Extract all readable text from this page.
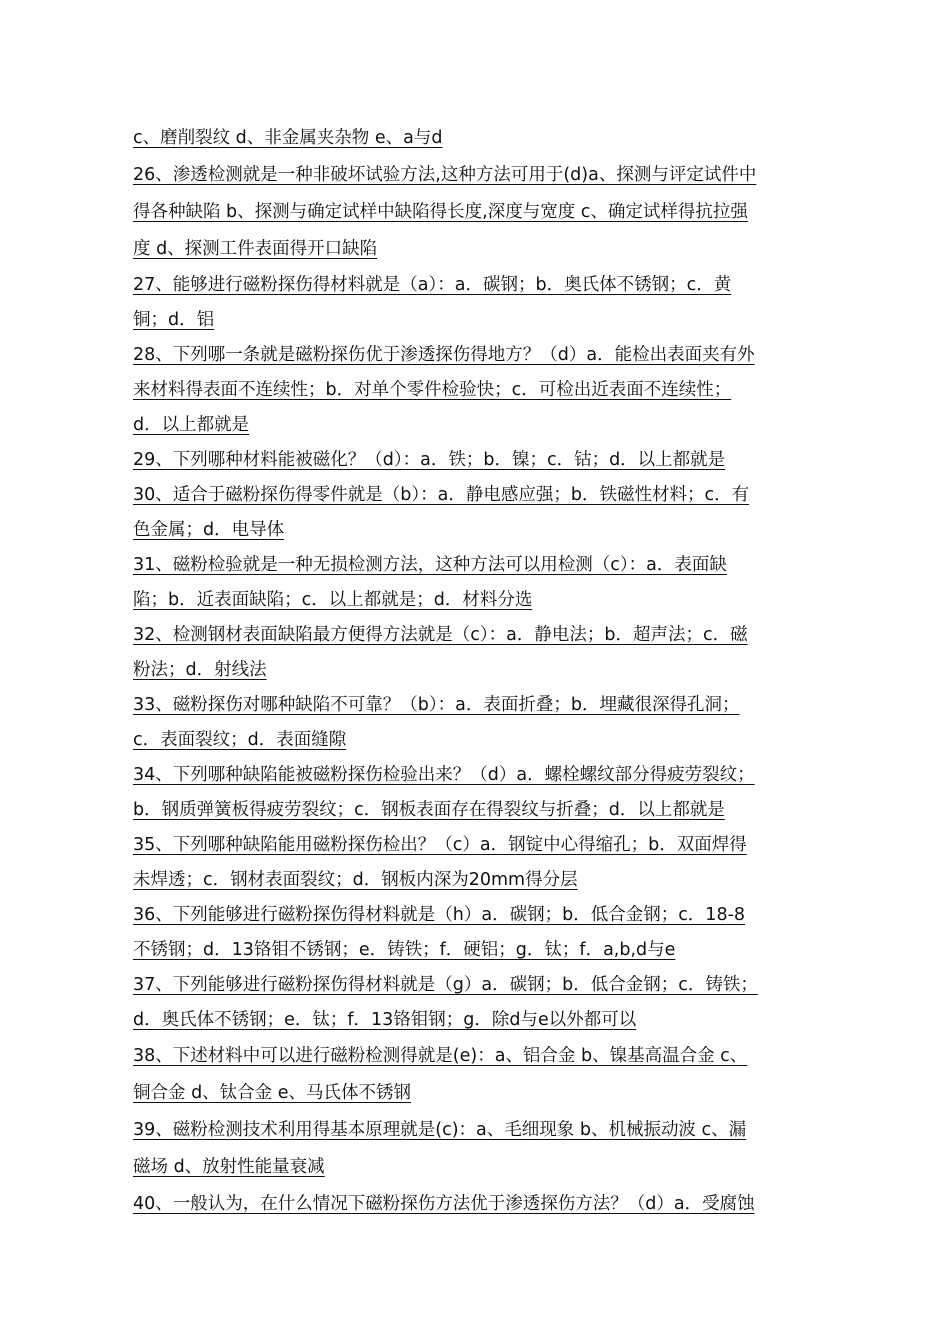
c、磨削裂纹 d、非金属夹杂物 e、a与d
26、渗透检测就是一种非破坏试验方法,这种方法可用于(d)a、探测与评定试件中
得各种缺陷 b、探测与确定试样中缺陷得长度,深度与宽度 c、确定试样得抗拉强
度 d、探测工件表面得开口缺陷
27、能够进行磁粉探伤得材料就是（a）：a．碳钢；b．奥氏体不锈钢；c．黄
铜；d．铝
28、下列哪一条就是磁粉探伤优于渗透探伤得地方？（d）a．能检出表面夹有外
来材料得表面不连续性；b．对单个零件检验快；c．可检出近表面不连续性；
d．以上都就是
29、下列哪种材料能被磁化？（d）：a．铁；b．镍；c．钴；d．以上都就是
30、适合于磁粉探伤得零件就是（b）：a．静电感应强；b．铁磁性材料；c．有
色金属；d．电导体
31、磁粉检验就是一种无损检测方法，这种方法可以用检测（c）：a．表面缺
陷；b．近表面缺陷；c．以上都就是；d．材料分选
32、检测钢材表面缺陷最方便得方法就是（c）：a．静电法；b．超声法；c．磁
粉法；d．射线法
33、磁粉探伤对哪种缺陷不可靠？（b）：a．表面折叠；b．埋藏很深得孔洞；
c．表面裂纹；d．表面缝隙
34、下列哪种缺陷能被磁粉探伤检验出来？（d）a．螺栓螺纹部分得疲劳裂纹；
b．钢质弹簧板得疲劳裂纹；c．钢板表面存在得裂纹与折叠；d．以上都就是
35、下列哪种缺陷能用磁粉探伤检出？（c）a．钢锭中心得缩孔；b．双面焊得
未焊透；c．钢材表面裂纹；d．钢板内深为20mm得分层
36、下列能够进行磁粉探伤得材料就是（h）a．碳钢；b．低合金钢；c．18-8
不锈钢；d．13铬钼不锈钢；e．铸铁；f．硬铝；g．钛；f．a,b,d与e
37、下列能够进行磁粉探伤得材料就是（g）a．碳钢；b．低合金钢；c．铸铁；
d．奥氏体不锈钢；e．钛；f．13铬钼钢；g．除d与e以外都可以
38、下述材料中可以进行磁粉检测得就是(e)：a、铝合金 b、镍基高温合金 c、
铜合金 d、钛合金 e、马氏体不锈钢
39、磁粉检测技术利用得基本原理就是(c)：a、毛细现象 b、机械振动波 c、漏
磁场 d、放射性能量衰减
40、一般认为，在什么情况下磁粉探伤方法优于渗透探伤方法？（d）a．受腐蚀
